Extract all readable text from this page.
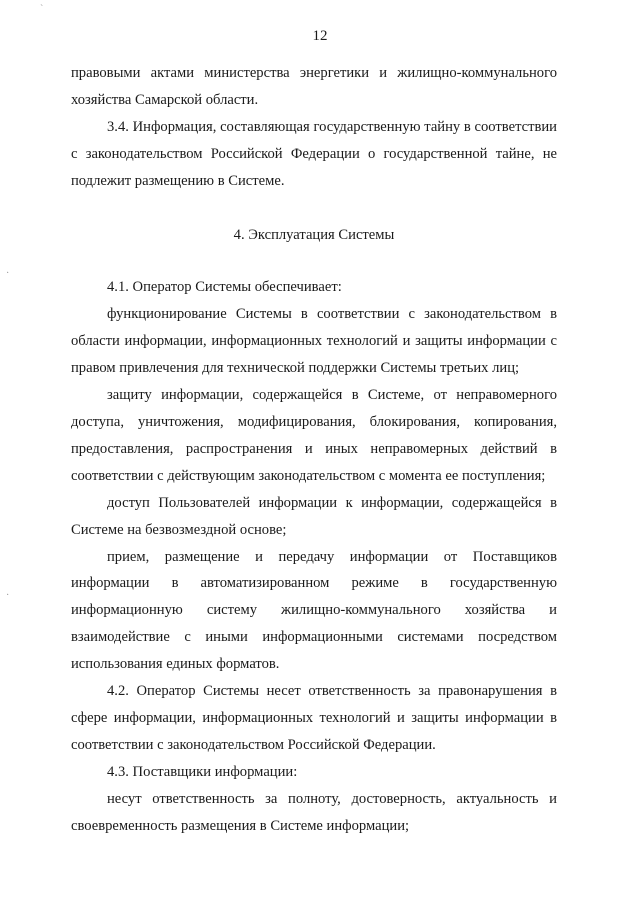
ˋ
·
·
12

правовыми актами министерства энергетики и жилищно-коммунального хозяйства Самарской области.

3.4. Информация, составляющая государственную тайну в соответствии с законодательством Российской Федерации о государственной тайне, не подлежит размещению в Системе.

4. Эксплуатация Системы

4.1. Оператор Системы обеспечивает:

функционирование Системы в соответствии с законодательством в области информации, информационных технологий и защиты информации с правом привлечения для технической поддержки Системы третьих лиц;

защиту информации, содержащейся в Системе, от неправомерного доступа, уничтожения, модифицирования, блокирования, копирования, предоставления, распространения и иных неправомерных действий в соответствии с действующим законодательством с момента ее поступления;

доступ Пользователей информации к информации, содержащейся в Системе на безвозмездной основе;

прием, размещение и передачу информации от Поставщиков информации в автоматизированном режиме в государственную информационную систему жилищно-коммунального хозяйства и взаимодействие с иными информационными системами посредством использования единых форматов.

4.2. Оператор Системы несет ответственность за правонарушения в сфере информации, информационных технологий и защиты информации в соответствии с законодательством Российской Федерации.

4.3. Поставщики информации:

несут ответственность за полноту, достоверность, актуальность и своевременность размещения в Системе информации;
